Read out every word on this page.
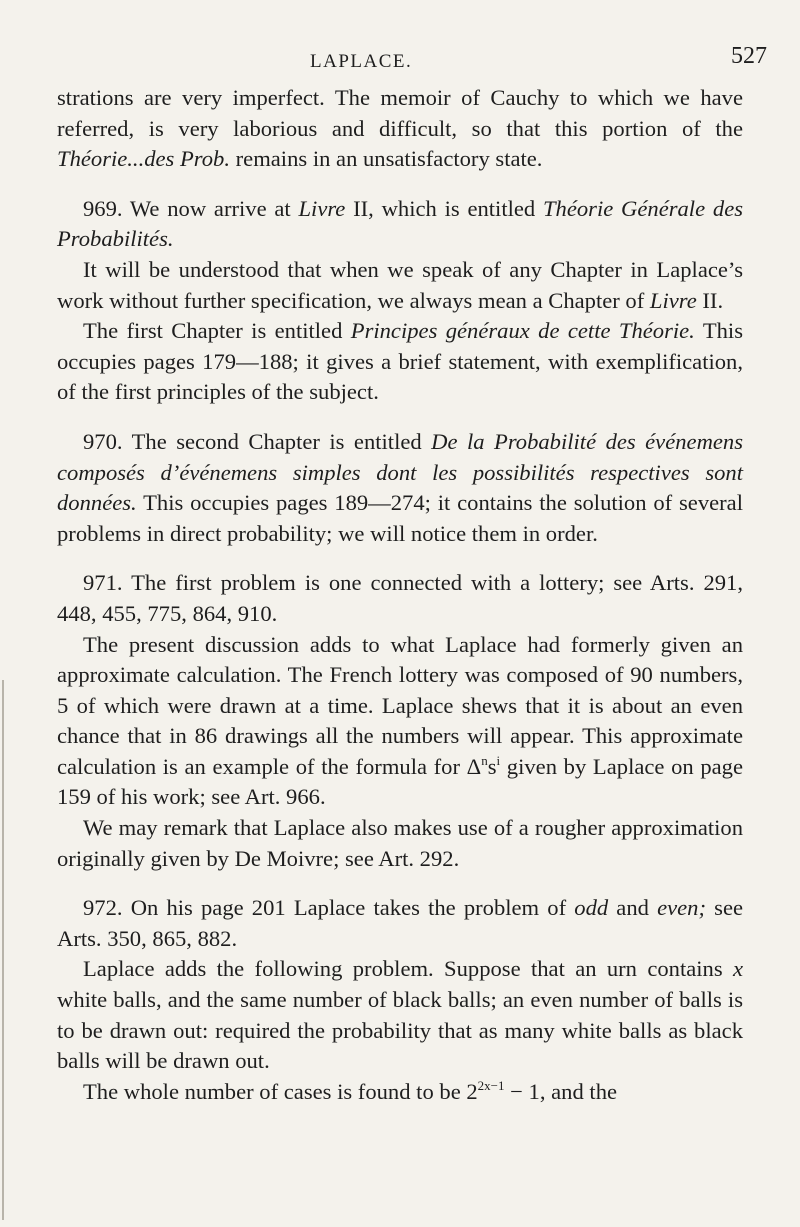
LAPLACE.	527

strations are very imperfect. The memoir of Cauchy to which we have referred, is very laborious and difficult, so that this portion of the Théorie...des Prob. remains in an unsatisfactory state.

969. We now arrive at Livre II, which is entitled Théorie Générale des Probabilités.

It will be understood that when we speak of any Chapter in Laplace’s work without further specification, we always mean a Chapter of Livre II.

The first Chapter is entitled Principes généraux de cette Théorie. This occupies pages 179—188; it gives a brief statement, with exemplification, of the first principles of the subject.

970. The second Chapter is entitled De la Probabilité des événemens composés d’événemens simples dont les possibilités respectives sont données. This occupies pages 189—274; it contains the solution of several problems in direct probability; we will notice them in order.

971. The first problem is one connected with a lottery; see Arts. 291, 448, 455, 775, 864, 910.

The present discussion adds to what Laplace had formerly given an approximate calculation. The French lottery was composed of 90 numbers, 5 of which were drawn at a time. Laplace shews that it is about an even chance that in 86 drawings all the numbers will appear. This approximate calculation is an example of the formula for $\Delta^ns^i$ given by Laplace on page 159 of his work; see Art. 966.

We may remark that Laplace also makes use of a rougher approximation originally given by De Moivre; see Art. 292.

972. On his page 201 Laplace takes the problem of odd and even; see Arts. 350, 865, 882.

Laplace adds the following problem. Suppose that an urn contains x white balls, and the same number of black balls; an even number of balls is to be drawn out: required the probability that as many white balls as black balls will be drawn out.

The whole number of cases is found to be $2^{2x-1} - 1$, and the
